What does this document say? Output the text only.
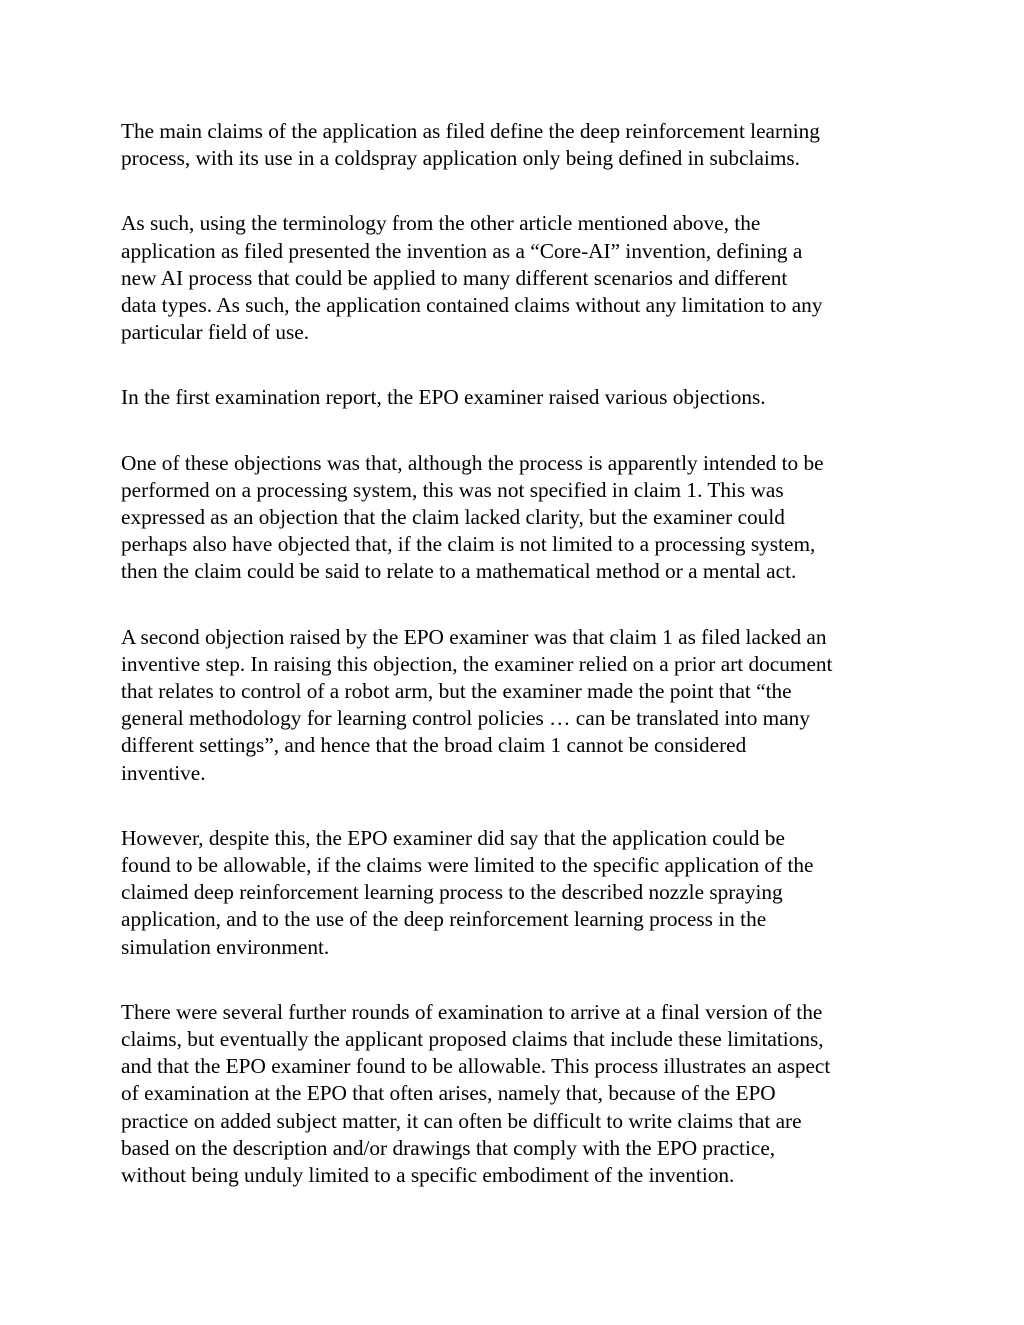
The main claims of the application as filed define the deep reinforcement learning
process, with its use in a coldspray application only being defined in subclaims.

As such, using the terminology from the other article mentioned above, the
application as filed presented the invention as a “Core-AI” invention, defining a
new AI process that could be applied to many different scenarios and different
data types. As such, the application contained claims without any limitation to any
particular field of use.

In the first examination report, the EPO examiner raised various objections.

One of these objections was that, although the process is apparently intended to be
performed on a processing system, this was not specified in claim 1. This was
expressed as an objection that the claim lacked clarity, but the examiner could
perhaps also have objected that, if the claim is not limited to a processing system,
then the claim could be said to relate to a mathematical method or a mental act.

A second objection raised by the EPO examiner was that claim 1 as filed lacked an
inventive step. In raising this objection, the examiner relied on a prior art document
that relates to control of a robot arm, but the examiner made the point that “the
general methodology for learning control policies … can be translated into many
different settings”, and hence that the broad claim 1 cannot be considered
inventive.

However, despite this, the EPO examiner did say that the application could be
found to be allowable, if the claims were limited to the specific application of the
claimed deep reinforcement learning process to the described nozzle spraying
application, and to the use of the deep reinforcement learning process in the
simulation environment.

There were several further rounds of examination to arrive at a final version of the
claims, but eventually the applicant proposed claims that include these limitations,
and that the EPO examiner found to be allowable. This process illustrates an aspect
of examination at the EPO that often arises, namely that, because of the EPO
practice on added subject matter, it can often be difficult to write claims that are
based on the description and/or drawings that comply with the EPO practice,
without being unduly limited to a specific embodiment of the invention.
